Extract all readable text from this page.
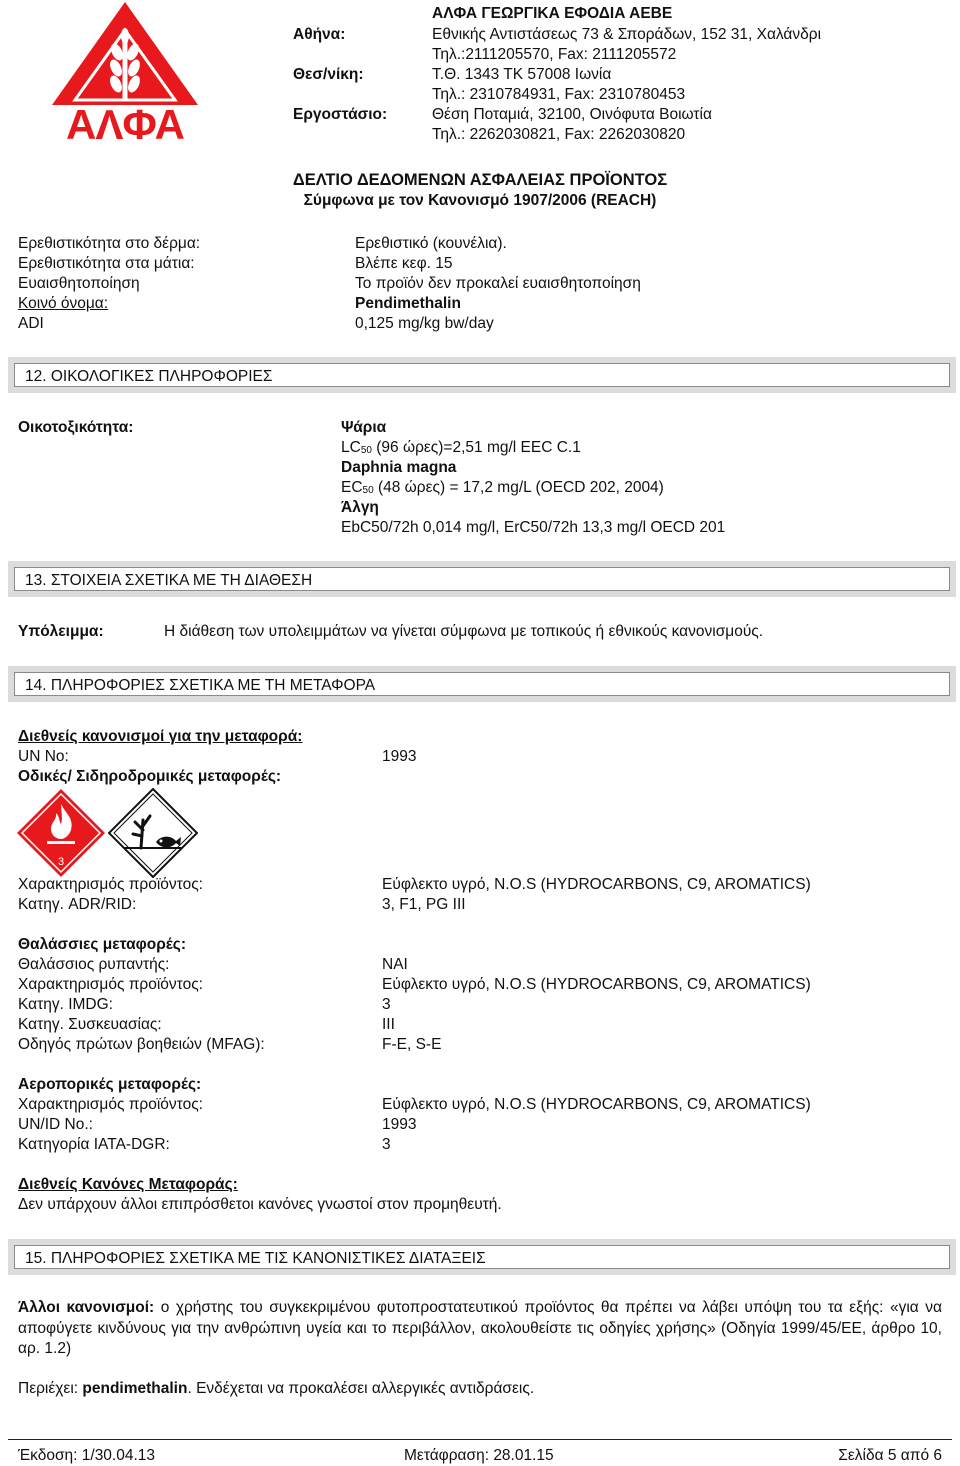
ΑΛΦΑ
ΑΛΦΑ ΓΕΩΡΓΙΚΑ ΕΦΟΔΙΑ ΑΕΒΕ
Αθήνα:	Εθνικής Αντιστάσεως 73 & Σποράδων, 152 31, Χαλάνδρι
Τηλ.:2111205570, Fax: 2111205572
Θεσ/νίκη:	Τ.Θ. 1343 ΤΚ 57008 Ιωνία
Τηλ.: 2310784931, Fax: 2310780453
Εργοστάσιο:	Θέση Ποταμιά, 32100, Οινόφυτα Βοιωτία
Τηλ.: 2262030821, Fax: 2262030820
ΔΕΛΤΙΟ ΔΕΔΟΜΕΝΩΝ ΑΣΦΑΛΕΙΑΣ ΠΡΟΪΟΝΤΟΣ
Σύμφωνα με τον Κανονισμό 1907/2006 (REACH)
Ερεθιστικότητα στο δέρμα:	Ερεθιστικό (κουνέλια).
Ερεθιστικότητα στα μάτια:	Βλέπε κεφ. 15
Ευαισθητοποίηση	Το προϊόν δεν προκαλεί ευαισθητοποίηση
Κοινό όνομα:	Pendimethalin
ADI	0,125 mg/kg bw/day
12. ΟΙΚΟΛΟΓΙΚΕΣ ΠΛΗΡΟΦΟΡΙΕΣ
Οικοτοξικότητα:	Ψάρια
$LC_{50}$ (96 ώρες)=2,51 mg/l EEC C.1
Daphnia magna
$EC_{50}$ (48 ώρες) = 17,2 mg/L (OECD 202, 2004)
Άλγη
EbC50/72h 0,014 mg/l, ErC50/72h 13,3 mg/l OECD 201
13. ΣΤΟΙΧΕΙΑ ΣΧΕΤΙΚΑ ΜΕ ΤΗ ΔΙΑΘΕΣΗ
Υπόλειμμα:	Η διάθεση των υπολειμμάτων να γίνεται σύμφωνα με τοπικούς ή εθνικούς κανονισμούς.
14. ΠΛΗΡΟΦΟΡΙΕΣ ΣΧΕΤΙΚΑ ΜΕ ΤΗ ΜΕΤΑΦΟΡΑ
Διεθνείς κανονισμοί για την μεταφορά:
UN No:	1993
Οδικές/ Σιδηροδρομικές μεταφορές:
3
Χαρακτηρισμός προϊόντος:	Εύφλεκτο υγρό, N.O.S (HYDROCARBONS, C9, AROMATICS)
Κατηγ. ADR/RID:	3, F1, PG III
Θαλάσσιες μεταφορές:
Θαλάσσιος ρυπαντής:	ΝΑΙ
Χαρακτηρισμός προϊόντος:	Εύφλεκτο υγρό, N.O.S (HYDROCARBONS, C9, AROMATICS)
Κατηγ. IMDG:	3
Κατηγ. Συσκευασίας:	III
Οδηγός πρώτων βοηθειών (MFAG):	F-E, S-E
Αεροπορικές μεταφορές:
Χαρακτηρισμός προϊόντος:	Εύφλεκτο υγρό, N.O.S (HYDROCARBONS, C9, AROMATICS)
UN/ID No.:	1993
Κατηγορία IATA-DGR:	3
Διεθνείς Κανόνες Μεταφοράς:
Δεν υπάρχουν άλλοι επιπρόσθετοι κανόνες γνωστοί στον προμηθευτή.
15. ΠΛΗΡΟΦΟΡΙΕΣ ΣΧΕΤΙΚΑ ΜΕ ΤΙΣ ΚΑΝΟΝΙΣΤΙΚΕΣ ΔΙΑΤΑΞΕΙΣ
Άλλοι κανονισμοί: ο χρήστης του συγκεκριμένου φυτοπροστατευτικού προϊόντος θα πρέπει να λάβει υπόψη του τα εξής: «για να αποφύγετε κινδύνους για την ανθρώπινη υγεία και το περιβάλλον, ακολουθείστε τις οδηγίες χρήσης» (Οδηγία 1999/45/ΕΕ, άρθρο 10, αρ. 1.2)
Περιέχει: pendimethalin. Ενδέχεται να προκαλέσει αλλεργικές αντιδράσεις.
Έκδοση: 1/30.04.13	Μετάφραση: 28.01.15	Σελίδα 5 από 6
